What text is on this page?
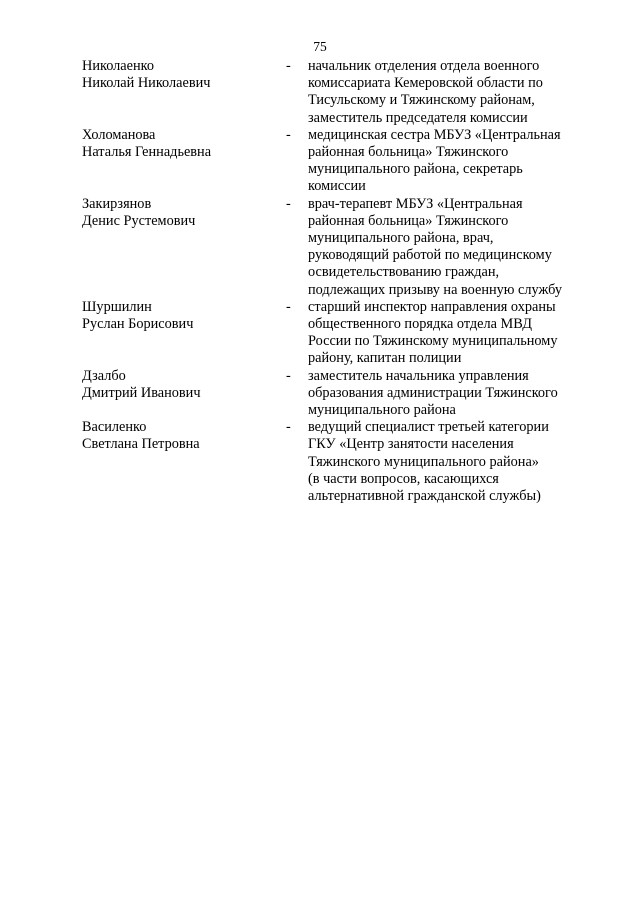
75
Николаенко
Николай Николаевич
-	начальник отделения отдела военного
комиссариата Кемеровской области по
Тисульскому и Тяжинскому районам,
заместитель председателя комиссии
Холоманова
Наталья Геннадьевна
-	медицинская сестра МБУЗ «Центральная
районная больница» Тяжинского
муниципального района, секретарь
комиссии
Закирзянов
Денис Рустемович
-	врач-терапевт МБУЗ «Центральная
районная больница» Тяжинского
муниципального района, врач,
руководящий работой по медицинскому
освидетельствованию граждан,
подлежащих призыву на военную службу
Шуршилин
Руслан Борисович
-	старший инспектор направления охраны
общественного порядка отдела МВД
России по Тяжинскому муниципальному
району, капитан полиции
Дзалбо
Дмитрий Иванович
-	заместитель начальника управления
образования администрации Тяжинского
муниципального района
Василенко
Светлана Петровна
-	ведущий специалист третьей категории
ГКУ «Центр занятости населения
Тяжинского муниципального района»
(в части вопросов, касающихся
альтернативной гражданской службы)
